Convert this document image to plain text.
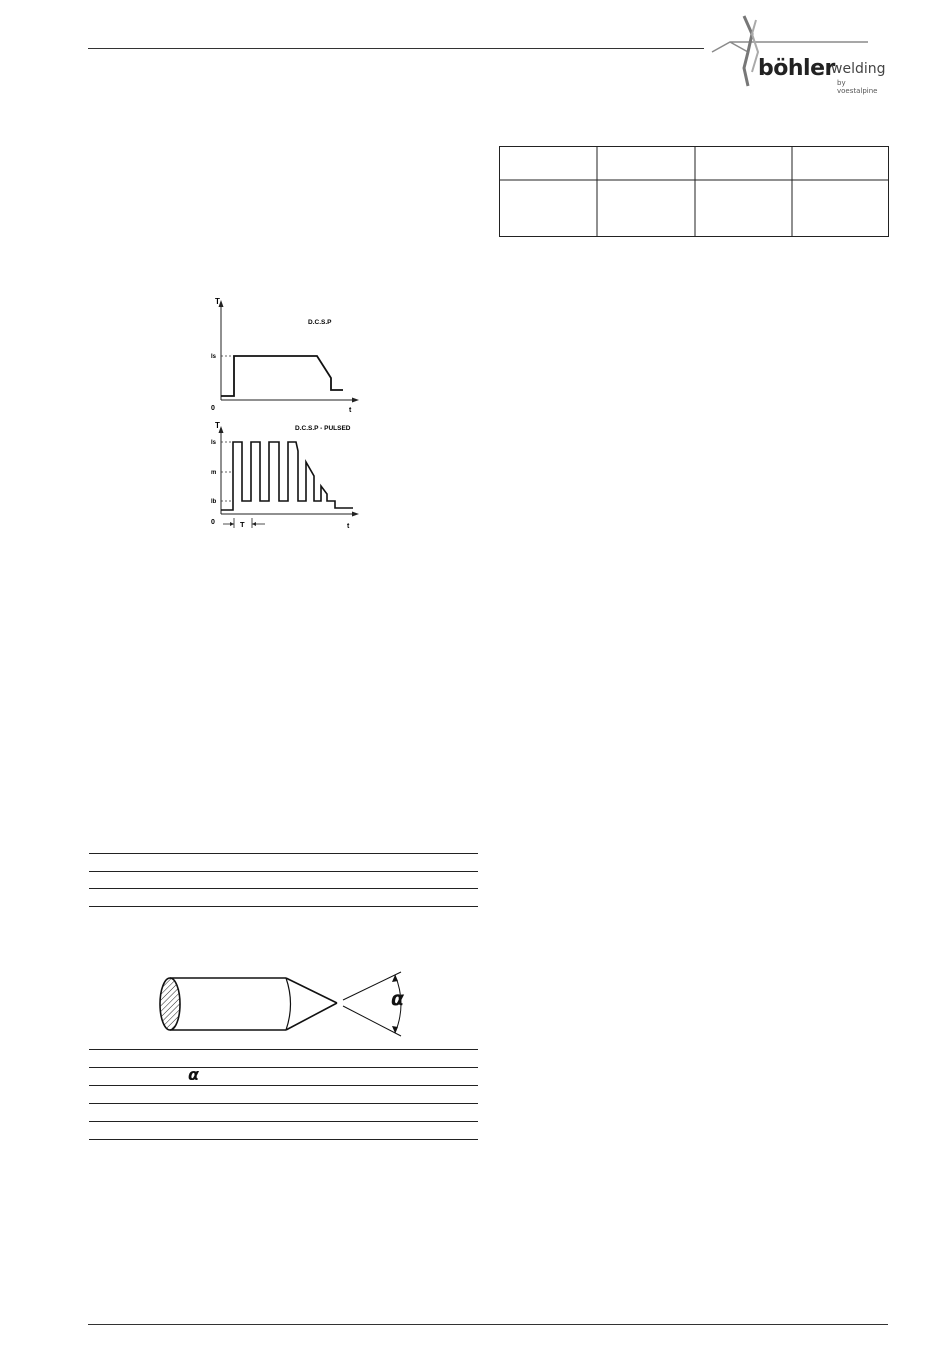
böhler
welding
by voestalpine
T
0	t
Is
D.C.S.P
T
0
t
Is
m
Ib
D.C.S.P - PULSED
T
α
α
